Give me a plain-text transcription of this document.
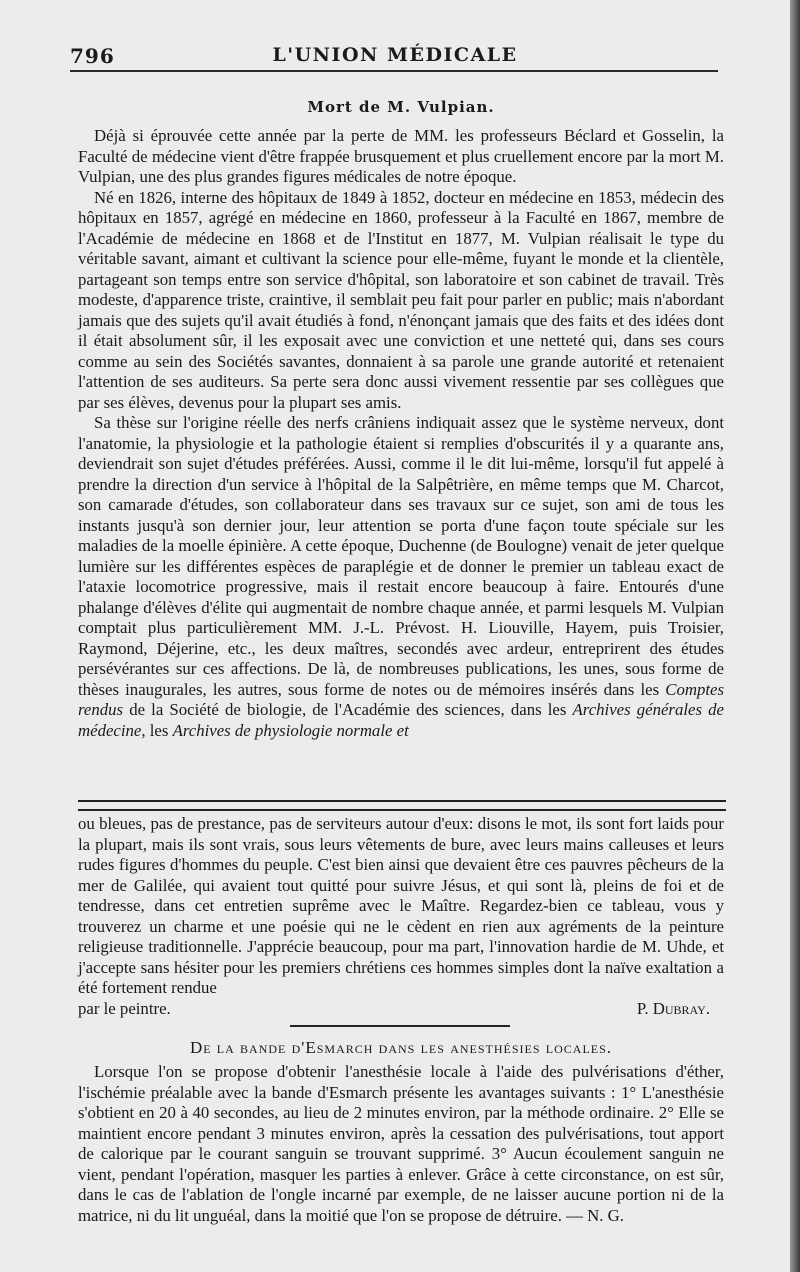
796	L'UNION MÉDICALE
Mort de M. Vulpian.

Déjà si éprouvée cette année par la perte de MM. les professeurs Béclard et Gosselin, la Faculté de médecine vient d'être frappée brusquement et plus cruellement encore par la mort M. Vulpian, une des plus grandes figures médicales de notre époque.

Né en 1826, interne des hôpitaux de 1849 à 1852, docteur en médecine en 1853, médecin des hôpitaux en 1857, agrégé en médecine en 1860, professeur à la Faculté en 1867, membre de l'Académie de médecine en 1868 et de l'Institut en 1877, M. Vulpian réalisait le type du véritable savant, aimant et cultivant la science pour elle-même, fuyant le monde et la clientèle, partageant son temps entre son service d'hôpital, son laboratoire et son cabinet de travail. Très modeste, d'apparence triste, craintive, il semblait peu fait pour parler en public; mais n'abordant jamais que des sujets qu'il avait étudiés à fond, n'énonçant jamais que des faits et des idées dont il était absolument sûr, il les exposait avec une conviction et une netteté qui, dans ses cours comme au sein des Sociétés savantes, donnaient à sa parole une grande autorité et retenaient l'attention de ses auditeurs. Sa perte sera donc aussi vivement ressentie par ses collègues que par ses élèves, devenus pour la plupart ses amis.

Sa thèse sur l'origine réelle des nerfs crâniens indiquait assez que le système nerveux, dont l'anatomie, la physiologie et la pathologie étaient si remplies d'obscurités il y a quarante ans, deviendrait son sujet d'études préférées. Aussi, comme il le dit lui-même, lorsqu'il fut appelé à prendre la direction d'un service à l'hôpital de la Salpêtrière, en même temps que M. Charcot, son camarade d'études, son collaborateur dans ses travaux sur ce sujet, son ami de tous les instants jusqu'à son dernier jour, leur attention se porta d'une façon toute spéciale sur les maladies de la moelle épinière. A cette époque, Duchenne (de Boulogne) venait de jeter quelque lumière sur les différentes espèces de paraplégie et de donner le premier un tableau exact de l'ataxie locomotrice progressive, mais il restait encore beaucoup à faire. Entourés d'une phalange d'élèves d'élite qui augmentait de nombre chaque année, et parmi lesquels M. Vulpian comptait plus particulièrement MM. J.-L. Prévost. H. Liouville, Hayem, puis Troisier, Raymond, Déjerine, etc., les deux maîtres, secondés avec ardeur, entreprirent des études persévérantes sur ces affections. De là, de nombreuses publications, les unes, sous forme de thèses inaugurales, les autres, sous forme de notes ou de mémoires insérés dans les Comptes rendus de la Société de biologie, de l'Académie des sciences, dans les Archives générales de médecine, les Archives de physiologie normale et

ou bleues, pas de prestance, pas de serviteurs autour d'eux: disons le mot, ils sont fort laids pour la plupart, mais ils sont vrais, sous leurs vêtements de bure, avec leurs mains calleuses et leurs rudes figures d'hommes du peuple. C'est bien ainsi que devaient être ces pauvres pêcheurs de la mer de Galilée, qui avaient tout quitté pour suivre Jésus, et qui sont là, pleins de foi et de tendresse, dans cet entretien suprême avec le Maître. Regardez-bien ce tableau, vous y trouverez un charme et une poésie qui ne le cèdent en rien aux agréments de la peinture religieuse traditionnelle. J'apprécie beaucoup, pour ma part, l'innovation hardie de M. Uhde, et j'accepte sans hésiter pour les premiers chrétiens ces hommes simples dont la naïve exaltation a été fortement rendue

par le peintre.	P. Dubray.

De la bande d'Esmarch dans les anesthésies locales.

Lorsque l'on se propose d'obtenir l'anesthésie locale à l'aide des pulvérisations d'éther, l'ischémie préalable avec la bande d'Esmarch présente les avantages suivants : 1° L'anesthésie s'obtient en 20 à 40 secondes, au lieu de 2 minutes environ, par la méthode ordinaire. 2° Elle se maintient encore pendant 3 minutes environ, après la cessation des pulvérisations, tout apport de calorique par le courant sanguin se trouvant supprimé. 3° Aucun écoulement sanguin ne vient, pendant l'opération, masquer les parties à enlever. Grâce à cette circonstance, on est sûr, dans le cas de l'ablation de l'ongle incarné par exemple, de ne laisser aucune portion ni de la matrice, ni du lit unguéal, dans la moitié que l'on se propose de détruire. — N. G.
